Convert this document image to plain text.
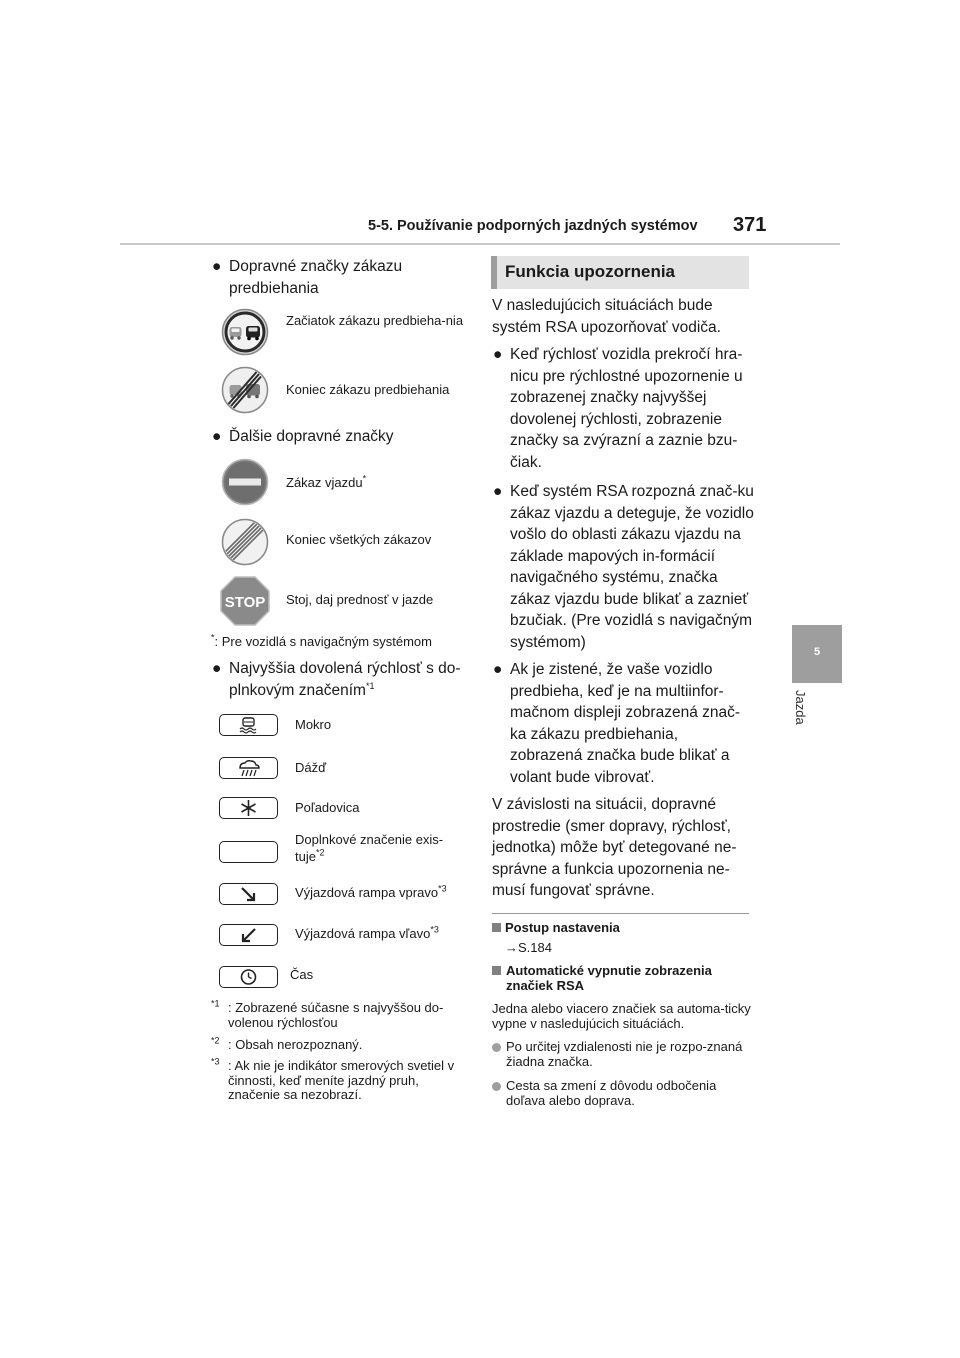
5-5. Používanie podporných jazdných systémov 371
5
Jazda
● Dopravné značky zákazu predbiehania
Začiatok zákazu predbieha-nia
Koniec zákazu predbiehania
● Ďalšie dopravné značky
Zákaz vjazdu*
Koniec všetkých zákazov
STOP Stoj, daj prednosť v jazde
*: Pre vozidlá s navigačným systémom
● Najvyššia dovolená rýchlosť s do-plnkovým značením$^{*1}$
Mokro
Dážď
Poľadovica
Doplnkové značenie exis-tuje$^{*2}$
Výjazdová rampa vpravo$^{*3}$
Výjazdová rampa vľavo$^{*3}$
Čas
$^{*1}$ : Zobrazené súčasne s najvyššou do-volenou rýchlosťou
$^{*2}$ : Obsah nerozpoznaný.
$^{*3}$ : Ak nie je indikátor smerových svetiel v činnosti, keď meníte jazdný pruh, značenie sa nezobrazí.
Funkcia upozornenia
V nasledujúcich situáciách bude systém RSA upozorňovať vodiča.
● Keď rýchlosť vozidla prekročí hra-nicu pre rýchlostné upozornenie u zobrazenej značky najvyššej dovolenej rýchlosti, zobrazenie značky sa zvýrazní a zaznie bzu-čiak.
● Keď systém RSA rozpozná znač-ku zákaz vjazdu a deteguje, že vozidlo vošlo do oblasti zákazu vjazdu na základe mapových in-formácií navigačného systému, značka zákaz vjazdu bude blikať a zaznieť bzučiak. (Pre vozidlá s navigačným systémom)
● Ak je zistené, že vaše vozidlo predbieha, keď je na multiinfor-mačnom displeji zobrazená znač-ka zákazu predbiehania, zobrazená značka bude blikať a volant bude vibrovať.
V závislosti na situácii, dopravné prostredie (smer dopravy, rýchlosť, jednotka) môže byť detegované ne-správne a funkcia upozornenia ne-musí fungovať správne.
Postup nastavenia
→S.184
Automatické vypnutie zobrazenia značiek RSA
Jedna alebo viacero značiek sa automa-ticky vypne v nasledujúcich situáciách.
Po určitej vzdialenosti nie je rozpo-znaná žiadna značka.
Cesta sa zmení z dôvodu odbočenia doľava alebo doprava.
